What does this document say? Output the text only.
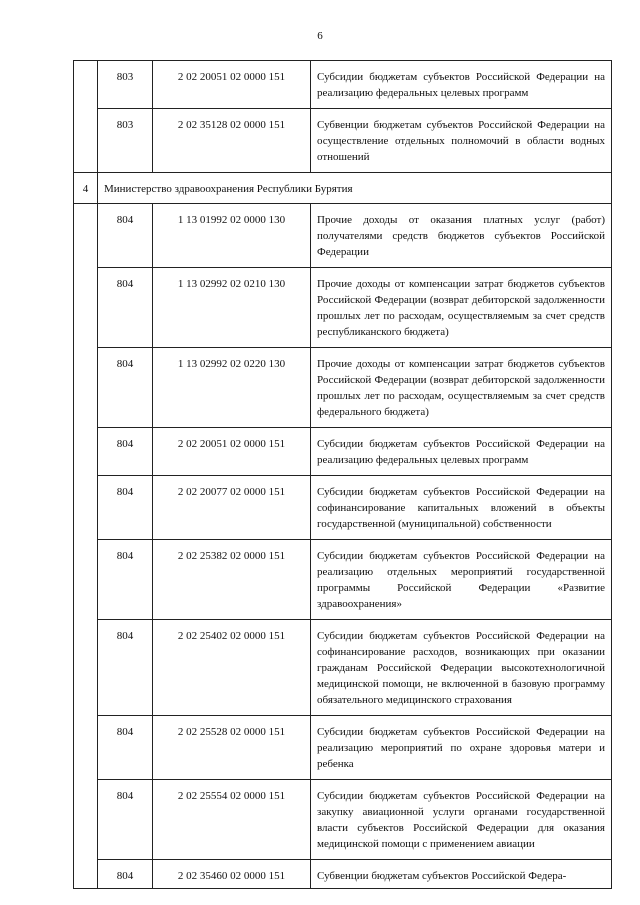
6
	803	2 02 20051 02 0000 151	Субсидии бюджетам субъектов Российской Федерации на реализацию федеральных целевых программ
	803	2 02 35128 02 0000 151	Субвенции бюджетам субъектов Российской Федерации на осуществление отдельных полномочий в области водных отношений
4	Министерство здравоохранения Республики Бурятия		
	804	1 13 01992 02 0000 130	Прочие доходы от оказания платных услуг (работ) получателями средств бюджетов субъектов Российской Федерации
	804	1 13 02992 02 0210 130	Прочие доходы от компенсации затрат бюджетов субъектов Российской Федерации (возврат дебиторской задолженности прошлых лет по расходам, осуществляемым за счет средств республиканского бюджета)
	804	1 13 02992 02 0220 130	Прочие доходы от компенсации затрат бюджетов субъектов Российской Федерации (возврат дебиторской задолженности прошлых лет по расходам, осуществляемым за счет средств федерального бюджета)
	804	2 02 20051 02 0000 151	Субсидии бюджетам субъектов Российской Федерации на реализацию федеральных целевых программ
	804	2 02 20077 02 0000 151	Субсидии бюджетам субъектов Российской Федерации на софинансирование капитальных вложений в объекты государственной (муниципальной) собственности
	804	2 02 25382 02 0000 151	Субсидии бюджетам субъектов Российской Федерации на реализацию отдельных мероприятий государственной программы Российской Федерации «Развитие здравоохранения»
	804	2 02 25402 02 0000 151	Субсидии бюджетам субъектов Российской Федерации на софинансирование расходов, возникающих при оказании гражданам Российской Федерации высокотехнологичной медицинской помощи, не включенной в базовую программу обязательного медицинского страхования
	804	2 02 25528 02 0000 151	Субсидии бюджетам субъектов Российской Федерации на реализацию мероприятий по охране здоровья матери и ребенка
	804	2 02 25554 02 0000 151	Субсидии бюджетам субъектов Российской Федерации на закупку авиационной услуги органами государственной власти субъектов Российской Федерации для оказания медицинской помощи с применением авиации
	804	2 02 35460 02 0000 151	Субвенции бюджетам субъектов Российской Федера-
